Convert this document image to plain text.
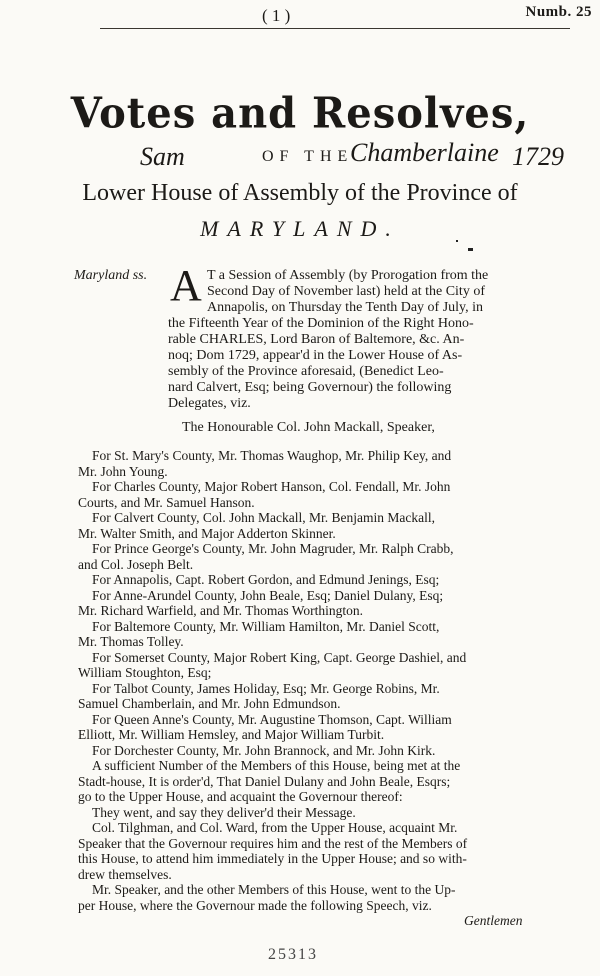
( 1 )	Numb. 25
Votes and Resolves,
Sam	OF THE
Chamberlaine 1729
Lower House of Assembly of the Province of
MARYLAND.
Maryland ss. A T a Session of Assembly (by Prorogation from the
Second Day of November last) held at the City of
Annapolis, on Thursday the Tenth Day of July, in
the Fifteenth Year of the Dominion of the Right Hono-
rable CHARLES, Lord Baron of Baltemore, &c. An-
noq; Dom 1729, appear'd in the Lower House of As-
sembly of the Province aforesaid, (Benedict Leo-
nard Calvert, Esq; being Governour) the following
Delegates, viz.
The Honourable Col. John Mackall, Speaker,
For St. Mary's County, Mr. Thomas Waughop, Mr. Philip Key, and
Mr. John Young.
For Charles County, Major Robert Hanson, Col. Fendall, Mr. John
Courts, and Mr. Samuel Hanson.
For Calvert County, Col. John Mackall, Mr. Benjamin Mackall,
Mr. Walter Smith, and Major Adderton Skinner.
For Prince George's County, Mr. John Magruder, Mr. Ralph Crabb,
and Col. Joseph Belt.
For Annapolis, Capt. Robert Gordon, and Edmund Jenings, Esq;
For Anne-Arundel County, John Beale, Esq; Daniel Dulany, Esq;
Mr. Richard Warfield, and Mr. Thomas Worthington.
For Baltemore County, Mr. William Hamilton, Mr. Daniel Scott,
Mr. Thomas Tolley.
For Somerset County, Major Robert King, Capt. George Dashiel, and
William Stoughton, Esq;
For Talbot County, James Holiday, Esq; Mr. George Robins, Mr.
Samuel Chamberlain, and Mr. John Edmundson.
For Queen Anne's County, Mr. Augustine Thomson, Capt. William
Elliott, Mr. William Hemsley, and Major William Turbit.
For Dorchester County, Mr. John Brannock, and Mr. John Kirk.
A sufficient Number of the Members of this House, being met at the
Stadt-house, It is order'd, That Daniel Dulany and John Beale, Esqrs;
go to the Upper House, and acquaint the Governour thereof:
They went, and say they deliver'd their Message.
Col. Tilghman, and Col. Ward, from the Upper House, acquaint Mr.
Speaker that the Governour requires him and the rest of the Members of
this House, to attend him immediately in the Upper House; and so with-
drew themselves.
Mr. Speaker, and the other Members of this House, went to the Up-
per House, where the Governour made the following Speech, viz.
Gentlemen
25313
